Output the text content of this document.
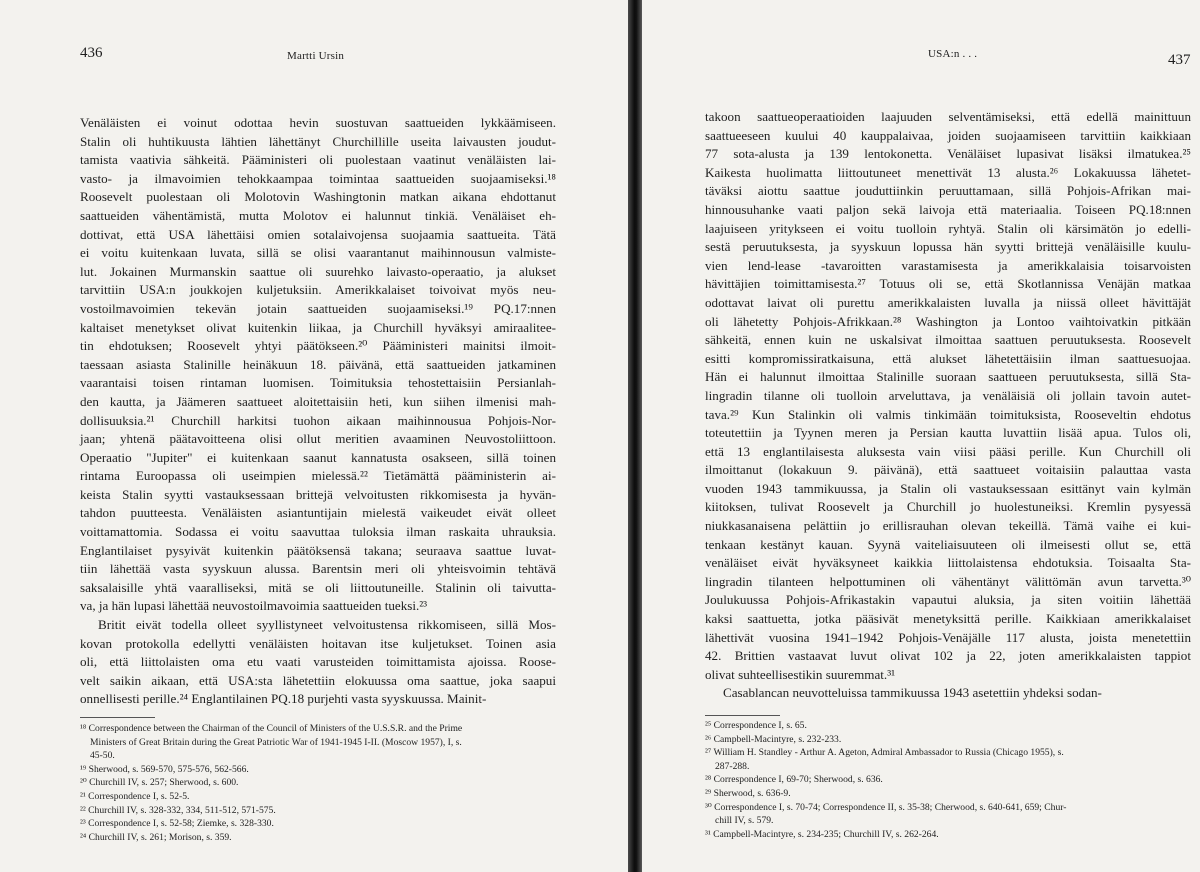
436	Martti Ursin
Venäläisten ei voinut odottaa hevin suostuvan saattueiden lykkäämiseen.
Stalin oli huhtikuusta lähtien lähettänyt Churchillille useita laivausten joudut-
tamista vaativia sähkeitä. Pääministeri oli puolestaan vaatinut venäläisten lai-
vasto- ja ilmavoimien tehokkaampaa toimintaa saattueiden suojaamiseksi.¹⁸
Roosevelt puolestaan oli Molotovin Washingtonin matkan aikana ehdottanut
saattueiden vähentämistä, mutta Molotov ei halunnut tinkiä. Venäläiset eh-
dottivat, että USA lähettäisi omien sotalaivojensa suojaamia saattueita. Tätä
ei voitu kuitenkaan luvata, sillä se olisi vaarantanut maihinnousun valmiste-
lut. Jokainen Murmanskin saattue oli suurehko laivasto-operaatio, ja alukset
tarvittiin USA:n joukkojen kuljetuksiin. Amerikkalaiset toivoivat myös neu-
vostoilmavoimien tekevän jotain saattueiden suojaamiseksi.¹⁹ PQ.17:nnen
kaltaiset menetykset olivat kuitenkin liikaa, ja Churchill hyväksyi amiraalitee-
tin ehdotuksen; Roosevelt yhtyi päätökseen.²⁰ Pääministeri mainitsi ilmoit-
taessaan asiasta Stalinille heinäkuun 18. päivänä, että saattueiden jatkaminen
vaarantaisi toisen rintaman luomisen. Toimituksia tehostettaisiin Persianlah-
den kautta, ja Jäämeren saattueet aloitettaisiin heti, kun siihen ilmenisi mah-
dollisuuksia.²¹ Churchill harkitsi tuohon aikaan maihinnousua Pohjois-Nor-
jaan; yhtenä päätavoitteena olisi ollut meritien avaaminen Neuvostoliittoon.
Operaatio "Jupiter" ei kuitenkaan saanut kannatusta osakseen, sillä toinen
rintama Euroopassa oli useimpien mielessä.²² Tietämättä pääministerin ai-
keista Stalin syytti vastauksessaan brittejä velvoitusten rikkomisesta ja hyvän-
tahdon puutteesta. Venäläisten asiantuntijain mielestä vaikeudet eivät olleet
voittamattomia. Sodassa ei voitu saavuttaa tuloksia ilman raskaita uhrauksia.
Englantilaiset pysyivät kuitenkin päätöksensä takana; seuraava saattue luvat-
tiin lähettää vasta syyskuun alussa. Barentsin meri oli yhteisvoimin tehtävä
saksalaisille yhtä vaaralliseksi, mitä se oli liittoutuneille. Stalinin oli taivutta-
va, ja hän lupasi lähettää neuvostoilmavoimia saattueiden tueksi.²³
Britit eivät todella olleet syyllistyneet velvoitustensa rikkomiseen, sillä Mos-
kovan protokolla edellytti venäläisten hoitavan itse kuljetukset. Toinen asia
oli, että liittolaisten oma etu vaati varusteiden toimittamista ajoissa. Roose-
velt saikin aikaan, että USA:sta lähetettiin elokuussa oma saattue, joka saapui
onnellisesti perille.²⁴ Englantilainen PQ.18 purjehti vasta syyskuussa. Mainit-
¹⁸ Correspondence between the Chairman of the Council of Ministers of the U.S.S.R. and the Prime
Ministers of Great Britain during the Great Patriotic War of 1941-1945 I-II. (Moscow 1957), I, s.
45-50.
¹⁹ Sherwood, s. 569-570, 575-576, 562-566.
²⁰ Churchill IV, s. 257; Sherwood, s. 600.
²¹ Correspondence I, s. 52-5.
²² Churchill IV, s. 328-332, 334, 511-512, 571-575.
²³ Correspondence I, s. 52-58; Ziemke, s. 328-330.
²⁴ Churchill IV, s. 261; Morison, s. 359.
USA:n . . .	437
takoon saattueoperaatioiden laajuuden selventämiseksi, että edellä mainittuun
saattueeseen kuului 40 kauppalaivaa, joiden suojaamiseen tarvittiin kaikkiaan
77 sota-alusta ja 139 lentokonetta. Venäläiset lupasivat lisäksi ilmatukea.²⁵
Kaikesta huolimatta liittoutuneet menettivät 13 alusta.²⁶ Lokakuussa lähetet-
täväksi aiottu saattue jouduttiinkin peruuttamaan, sillä Pohjois-Afrikan mai-
hinnousuhanke vaati paljon sekä laivoja että materiaalia. Toiseen PQ.18:nnen
laajuiseen yritykseen ei voitu tuolloin ryhtyä. Stalin oli kärsimätön jo edelli-
sestä peruutuksesta, ja syyskuun lopussa hän syytti brittejä venäläisille kuulu-
vien lend-lease -tavaroitten varastamisesta ja amerikkalaisia toisarvoisten
hävittäjien toimittamisesta.²⁷ Totuus oli se, että Skotlannissa Venäjän matkaa
odottavat laivat oli purettu amerikkalaisten luvalla ja niissä olleet hävittäjät
oli lähetetty Pohjois-Afrikkaan.²⁸ Washington ja Lontoo vaihtoivatkin pitkään
sähkeitä, ennen kuin ne uskalsivat ilmoittaa saattuen peruutuksesta. Roosevelt
esitti kompromissiratkaisuna, että alukset lähetettäisiin ilman saattuesuojaa.
Hän ei halunnut ilmoittaa Stalinille suoraan saattueen peruutuksesta, sillä Sta-
lingradin tilanne oli tuolloin arveluttava, ja venäläisiä oli jollain tavoin autet-
tava.²⁹ Kun Stalinkin oli valmis tinkimään toimituksista, Rooseveltin ehdotus
toteutettiin ja Tyynen meren ja Persian kautta luvattiin lisää apua. Tulos oli,
että 13 englantilaisesta aluksesta vain viisi pääsi perille. Kun Churchill oli
ilmoittanut (lokakuun 9. päivänä), että saattueet voitaisiin palauttaa vasta
vuoden 1943 tammikuussa, ja Stalin oli vastauksessaan esittänyt vain kylmän
kiitoksen, tulivat Roosevelt ja Churchill jo huolestuneiksi. Kremlin pysyessä
niukkasanaisena pelättiin jo erillisrauhan olevan tekeillä. Tämä vaihe ei kui-
tenkaan kestänyt kauan. Syynä vaiteliaisuuteen oli ilmeisesti ollut se, että
venäläiset eivät hyväksyneet kaikkia liittolaistensa ehdotuksia. Toisaalta Sta-
lingradin tilanteen helpottuminen oli vähentänyt välittömän avun tarvetta.³⁰
Joulukuussa Pohjois-Afrikastakin vapautui aluksia, ja siten voitiin lähettää
kaksi saattuetta, jotka pääsivät menetyksittä perille. Kaikkiaan amerikkalaiset
lähettivät vuosina 1941–1942 Pohjois-Venäjälle 117 alusta, joista menetettiin
42. Brittien vastaavat luvut olivat 102 ja 22, joten amerikkalaisten tappiot
olivat suhteellisestikin suuremmat.³¹
Casablancan neuvotteluissa tammikuussa 1943 asetettiin yhdeksi sodan-
²⁵ Correspondence I, s. 65.
²⁶ Campbell-Macintyre, s. 232-233.
²⁷ William H. Standley - Arthur A. Ageton, Admiral Ambassador to Russia (Chicago 1955), s.
287-288.
²⁸ Correspondence I, 69-70; Sherwood, s. 636.
²⁹ Sherwood, s. 636-9.
³⁰ Correspondence I, s. 70-74; Correspondence II, s. 35-38; Cherwood, s. 640-641, 659; Chur-
chill IV, s. 579.
³¹ Campbell-Macintyre, s. 234-235; Churchill IV, s. 262-264.
